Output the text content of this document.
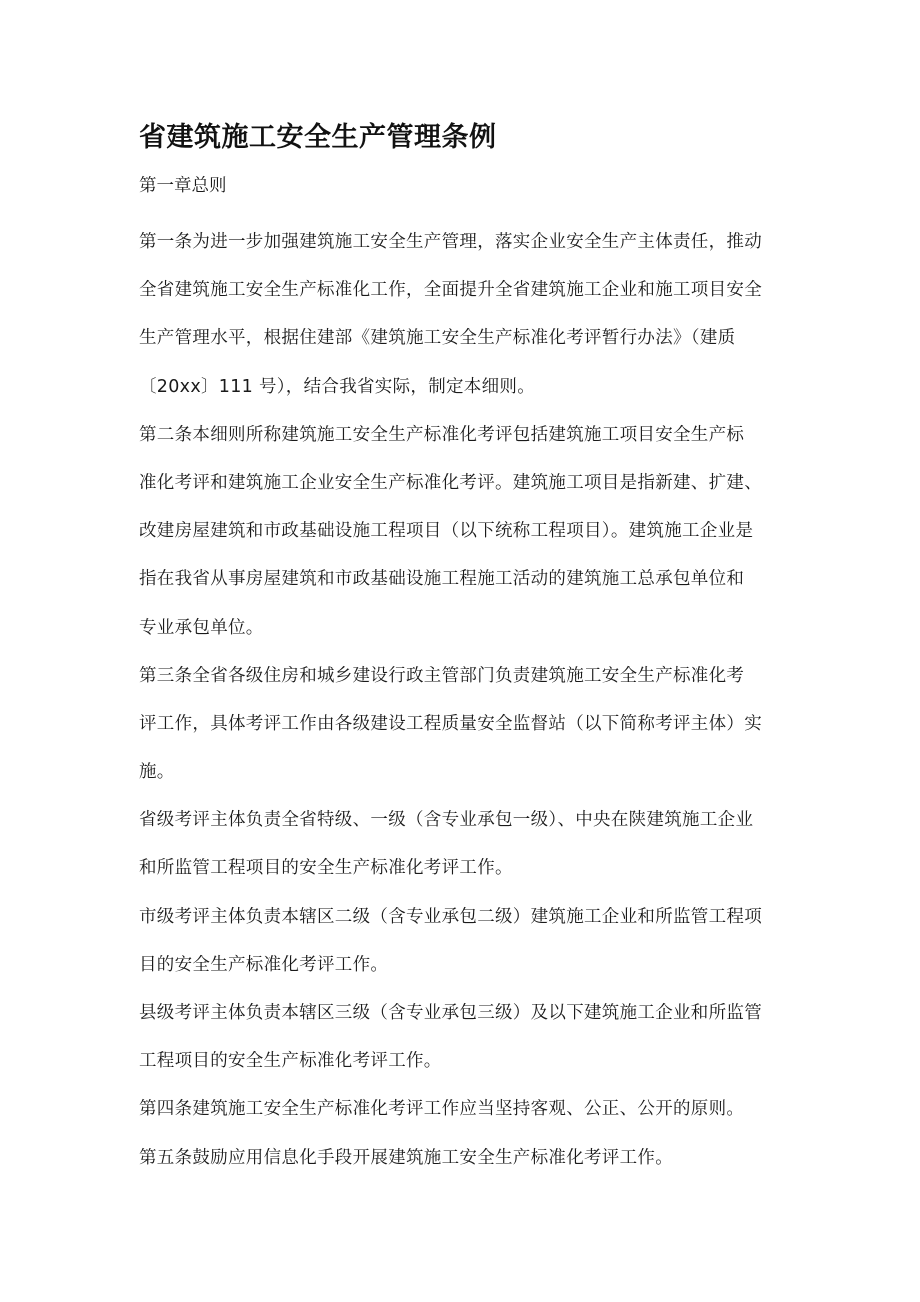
省建筑施工安全生产管理条例
第一章总则
第一条为进一步加强建筑施工安全生产管理，落实企业安全生产主体责任，推动
全省建筑施工安全生产标准化工作，全面提升全省建筑施工企业和施工项目安全
生产管理水平，根据住建部《建筑施工安全生产标准化考评暂行办法》（建质
〔20xx〕111 号），结合我省实际，制定本细则。
第二条本细则所称建筑施工安全生产标准化考评包括建筑施工项目安全生产标
准化考评和建筑施工企业安全生产标准化考评。建筑施工项目是指新建、扩建、
改建房屋建筑和市政基础设施工程项目（以下统称工程项目）。建筑施工企业是
指在我省从事房屋建筑和市政基础设施工程施工活动的建筑施工总承包单位和
专业承包单位。
第三条全省各级住房和城乡建设行政主管部门负责建筑施工安全生产标准化考
评工作，具体考评工作由各级建设工程质量安全监督站（以下简称考评主体）实
施。
省级考评主体负责全省特级、一级（含专业承包一级）、中央在陕建筑施工企业
和所监管工程项目的安全生产标准化考评工作。
市级考评主体负责本辖区二级（含专业承包二级）建筑施工企业和所监管工程项
目的安全生产标准化考评工作。
县级考评主体负责本辖区三级（含专业承包三级）及以下建筑施工企业和所监管
工程项目的安全生产标准化考评工作。
第四条建筑施工安全生产标准化考评工作应当坚持客观、公正、公开的原则。
第五条鼓励应用信息化手段开展建筑施工安全生产标准化考评工作。
